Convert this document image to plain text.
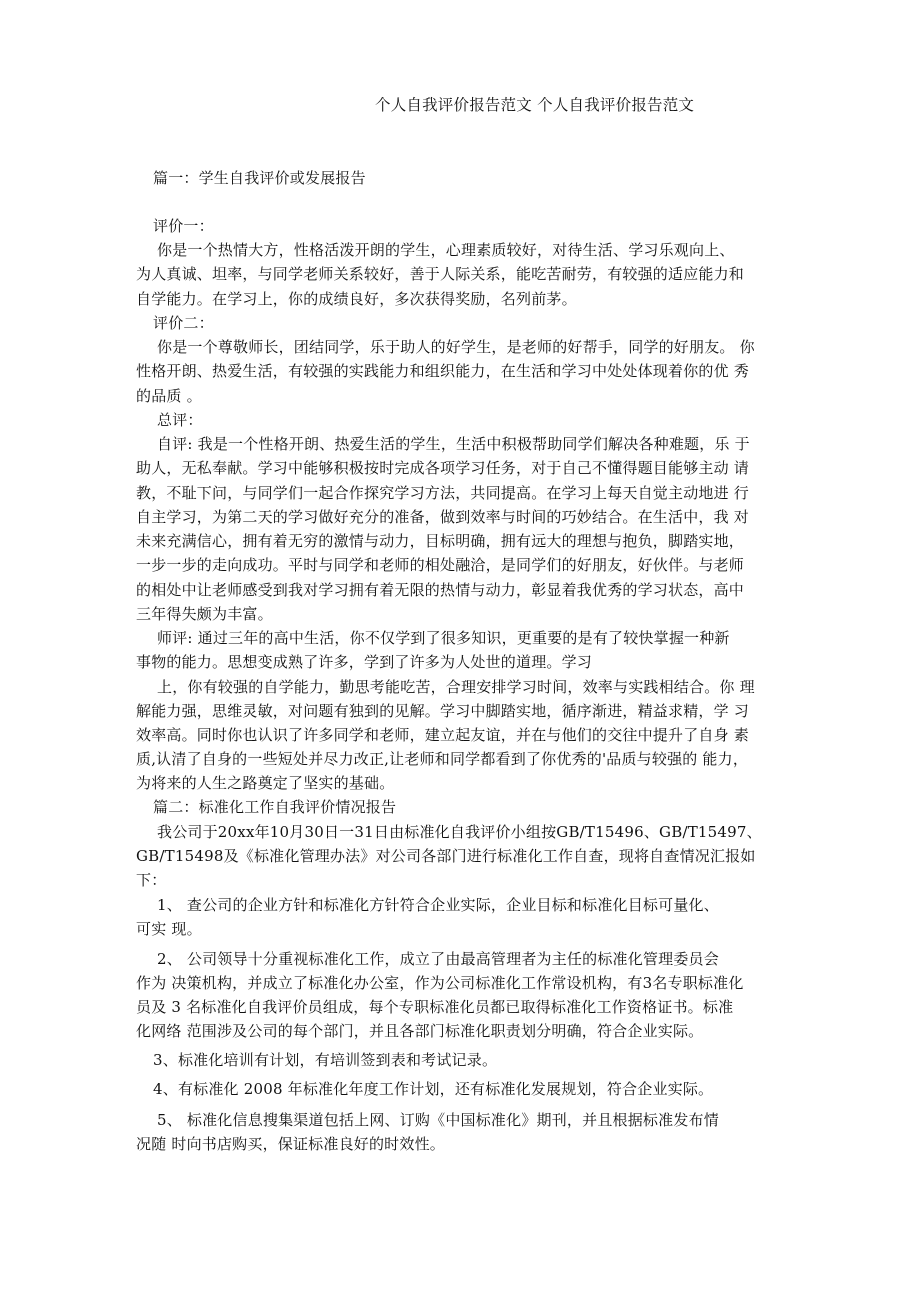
个人自我评价报告范文 个人自我评价报告范文
篇一：学生自我评价或发展报告
评价一：
你是一个热情大方，性格活泼开朗的学生，心理素质较好，对待生活、学习乐观向上、
为人真诚、坦率，与同学老师关系较好，善于人际关系，能吃苦耐劳，有较强的适应能力和
自学能力。在学习上，你的成绩良好，多次获得奖励，名列前茅。
评价二：
你是一个尊敬师长，团结同学，乐于助人的好学生，是老师的好帮手，同学的好朋友。 你
性格开朗、热爱生活，有较强的实践能力和组织能力，在生活和学习中处处体现着你的优 秀
的品质 。
总评：
自评: 我是一个性格开朗、热爱生活的学生，生活中积极帮助同学们解决各种难题，乐 于
助人，无私奉献。学习中能够积极按时完成各项学习任务，对于自己不懂得题目能够主动 请
教，不耻下问，与同学们一起合作探究学习方法，共同提高。在学习上每天自觉主动地进 行
自主学习，为第二天的学习做好充分的准备，做到效率与时间的巧妙结合。在生活中，我 对
未来充满信心，拥有着无穷的激情与动力，目标明确，拥有远大的理想与抱负，脚踏实地，
一步一步的走向成功。平时与同学和老师的相处融洽，是同学们的好朋友，好伙伴。与老师
的相处中让老师感受到我对学习拥有着无限的热情与动力，彰显着我优秀的学习状态，高中
三年得失颇为丰富。
师评: 通过三年的高中生活，你不仅学到了很多知识，更重要的是有了较快掌握一种新
事物的能力。思想变成熟了许多，学到了许多为人处世的道理。学习
上，你有较强的自学能力，勤思考能吃苦，合理安排学习时间，效率与实践相结合。你 理
解能力强，思维灵敏，对问题有独到的见解。学习中脚踏实地，循序渐进，精益求精，学 习
效率高。同时你也认识了许多同学和老师，建立起友谊，并在与他们的交往中提升了自身 素
质,认清了自身的一些短处并尽力改正,让老师和同学都看到了你优秀的'品质与较强的 能力，
为将来的人生之路奠定了坚实的基础。
篇二：标准化工作自我评价情况报告
我公司于20xx年10月30日一31日由标准化自我评价小组按GB/T15496、GB/T15497、
GB/T15498及《标准化管理办法》对公司各部门进行标准化工作自查，现将自查情况汇报如
下：
1、 查公司的企业方针和标准化方针符合企业实际，企业目标和标准化目标可量化、
可实 现。
2、 公司领导十分重视标准化工作，成立了由最高管理者为主任的标准化管理委员会
作为 决策机构，并成立了标准化办公室，作为公司标准化工作常设机构，有3名专职标准化
员及 3 名标准化自我评价员组成，每个专职标准化员都已取得标准化工作资格证书。标准
化网络 范围涉及公司的每个部门，并且各部门标准化职责划分明确，符合企业实际。
3、标准化培训有计划，有培训签到表和考试记录。
4、有标准化 2008 年标准化年度工作计划，还有标准化发展规划，符合企业实际。
5、 标准化信息搜集渠道包括上网、订购《中国标准化》期刊，并且根据标准发布情
况随 时向书店购买，保证标准良好的时效性。
